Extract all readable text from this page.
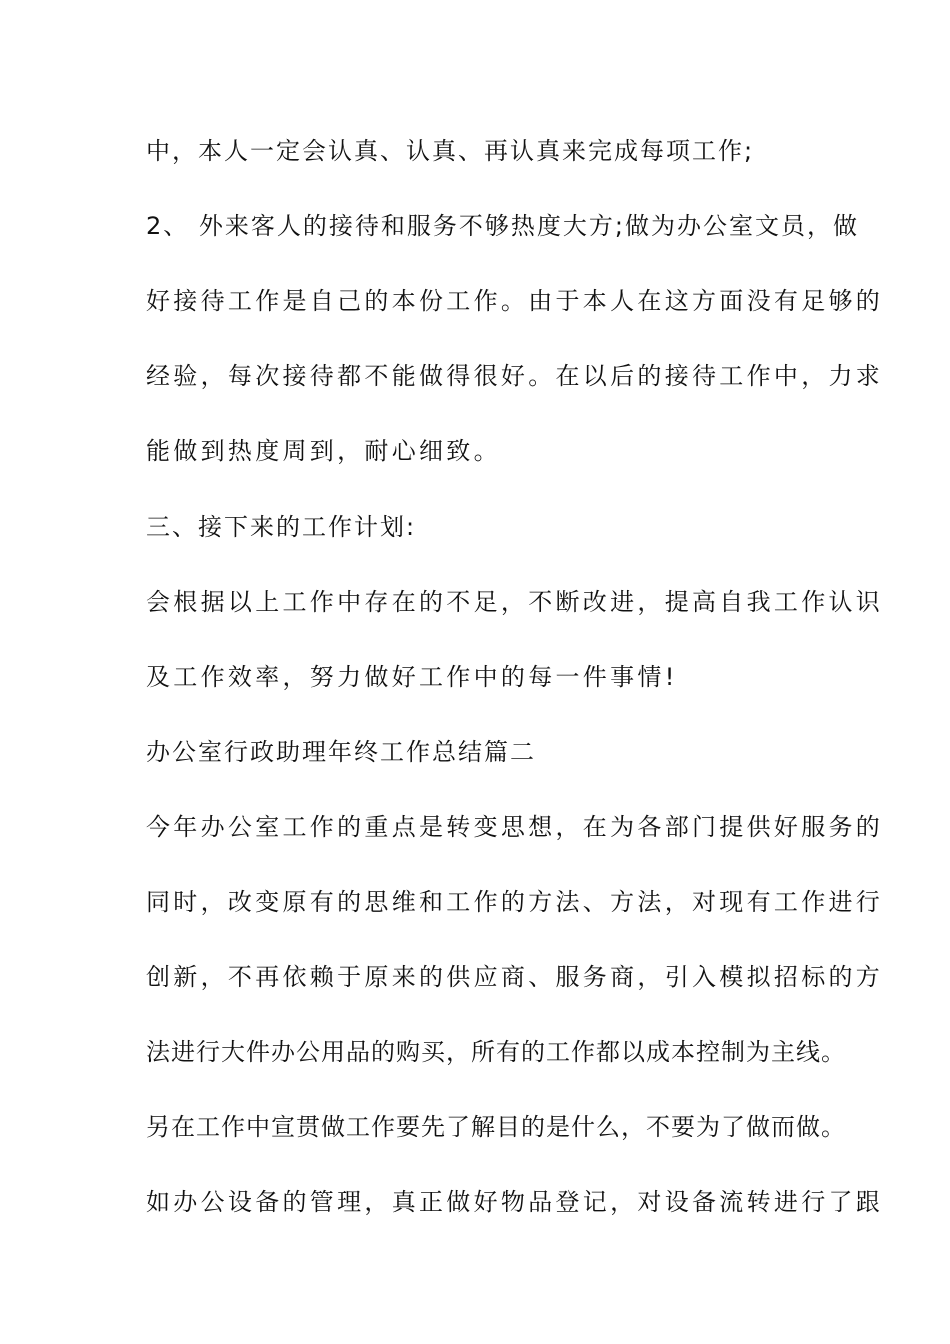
中，本人一定会认真、认真、再认真来完成每项工作;
2、 外来客人的接待和服务不够热度大方;做为办公室文员，做
好接待工作是自己的本份工作。由于本人在这方面没有足够的
经验，每次接待都不能做得很好。在以后的接待工作中，力求
能做到热度周到，耐心细致。
三、接下来的工作计划:
会根据以上工作中存在的不足，不断改进，提高自我工作认识
及工作效率，努力做好工作中的每一件事情!
办公室行政助理年终工作总结篇二
今年办公室工作的重点是转变思想，在为各部门提供好服务的
同时，改变原有的思维和工作的方法、方法，对现有工作进行
创新，不再依赖于原来的供应商、服务商，引入模拟招标的方
法进行大件办公用品的购买，所有的工作都以成本控制为主线。
另在工作中宣贯做工作要先了解目的是什么，不要为了做而做。
如办公设备的管理，真正做好物品登记，对设备流转进行了跟
